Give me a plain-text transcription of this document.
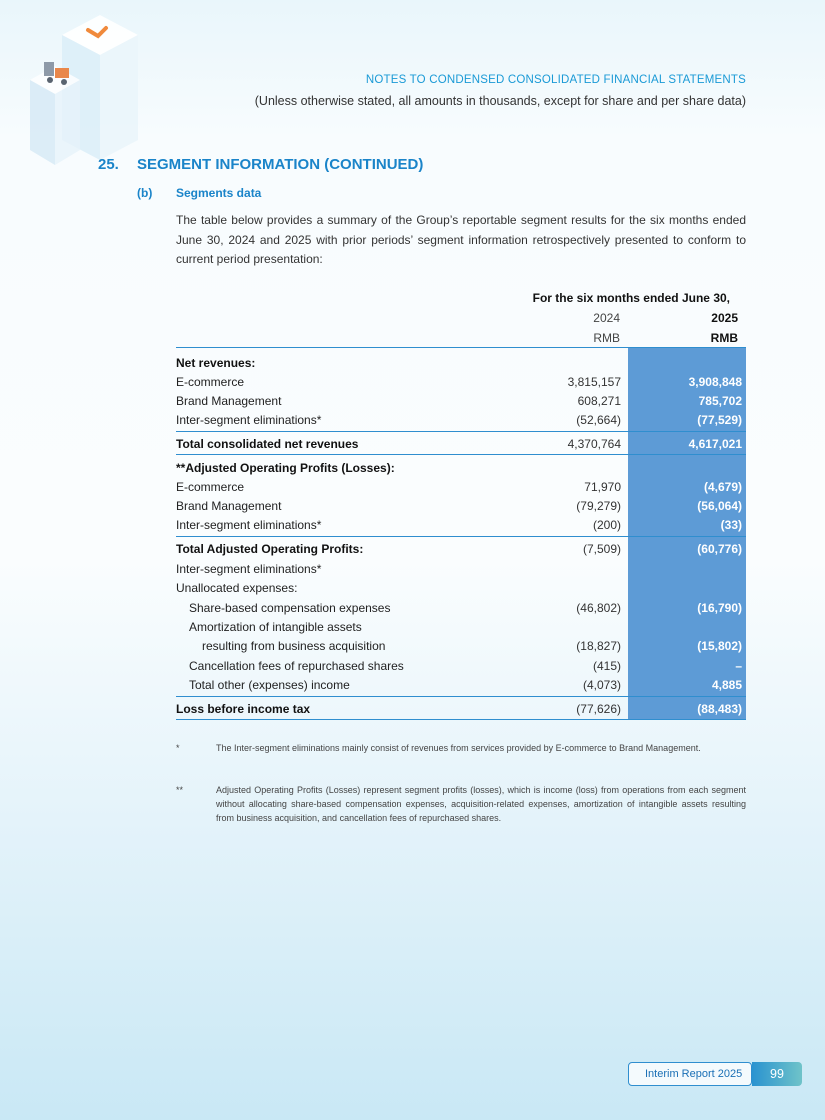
NOTES TO CONDENSED CONSOLIDATED FINANCIAL STATEMENTS
(Unless otherwise stated, all amounts in thousands, except for share and per share data)
25. SEGMENT INFORMATION (CONTINUED)
(b) Segments data
The table below provides a summary of the Group’s reportable segment results for the six months ended June 30, 2024 and 2025 with prior periods’ segment information retrospectively presented to conform to current period presentation:
For the six months ended June 30,
2024
RMB
2025
RMB
Net revenues:
E-commerce	3,815,157	3,908,848
Brand Management	608,271	785,702
Inter-segment eliminations*	(52,664)	(77,529)
Total consolidated net revenues	4,370,764	4,617,021
**Adjusted Operating Profits (Losses):
E-commerce	71,970	(4,679)
Brand Management	(79,279)	(56,064)
Inter-segment eliminations*	(200)	(33)
Total Adjusted Operating Profits:	(7,509)	(60,776)
Inter-segment eliminations*
Unallocated expenses:
Share-based compensation expenses	(46,802)	(16,790)
Amortization of intangible assets
resulting from business acquisition	(18,827)	(15,802)
Cancellation fees of repurchased shares	(415)	–
Total other (expenses) income	(4,073)	4,885
Loss before income tax	(77,626)	(88,483)
*	The Inter-segment eliminations mainly consist of revenues from services provided by E-commerce to Brand Management.
**	Adjusted Operating Profits (Losses) represent segment profits (losses), which is income (loss) from operations from each segment without allocating share-based compensation expenses, acquisition-related expenses, amortization of intangible assets resulting from business acquisition, and cancellation fees of repurchased shares.
Interim Report 2025	99
